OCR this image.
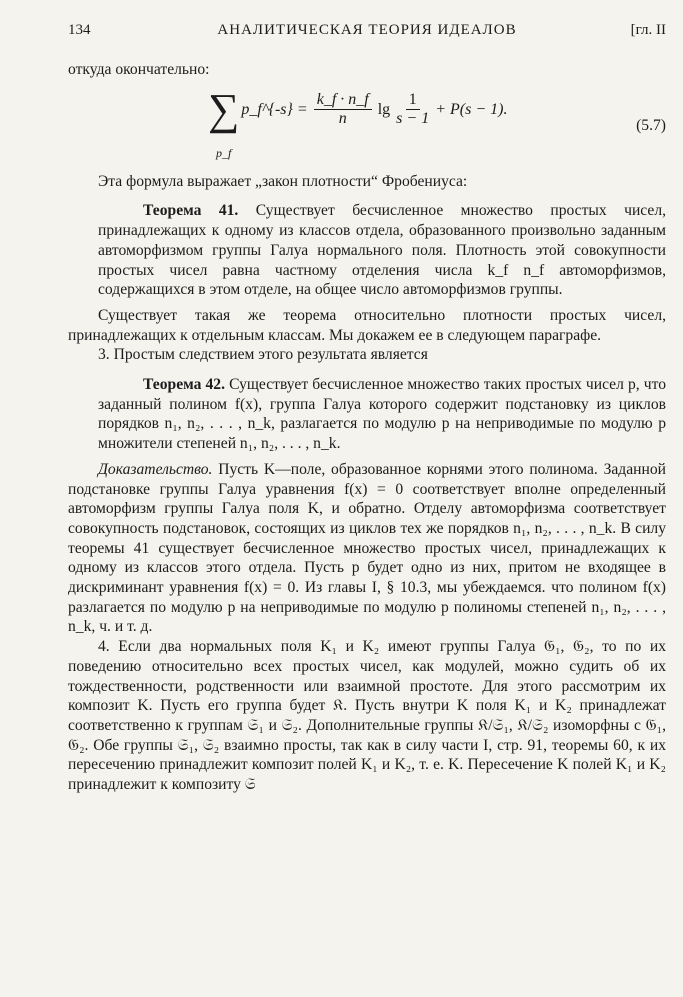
134	АНАЛИТИЧЕСКАЯ ТЕОРИЯ ИДЕАЛОВ	[гл. II

откуда окончательно:

∑ p_f^{-s} = $\frac{k\_f \cdot n\_f}{n}$ $\lg \frac{1}{s - 1} + P(s - 1)$.
p_f
(5.7)

Эта формула выражает „закон плотности“ Фробениуса:

Теорема 41. Существует бесчисленное множество простых чисел, принадлежащих к одному из классов отдела, образованного произвольно заданным автоморфизмом группы Галуа нормального поля. Плотность этой совокупности простых чисел равна частному отделения числа k_f n_f автоморфизмов, содержащихся в этом отделе, на общее число автоморфизмов группы.

Существует такая же теорема относительно плотности простых чисел, принадлежащих к отдельным классам. Мы докажем ее в следующем параграфе.

3. Простым следствием этого результата является

Теорема 42. Существует бесчисленное множество таких простых чисел p, что заданный полином f(x), группа Галуа которого содержит подстановку из циклов порядков n₁, n₂, . . . , n_k, разлагается по модулю p на неприводимые по модулю p множители степеней n₁, n₂, . . . , n_k.

Доказательство. Пусть K—поле, образованное корнями этого полинома. Заданной подстановке группы Галуа уравнения f(x) = 0 соответствует вполне определенный автоморфизм группы Галуа поля K, и обратно. Отделу автоморфизма соответствует совокупность подстановок, состоящих из циклов тех же порядков n₁, n₂, . . . , n_k. В силу теоремы 41 существует бесчисленное множество простых чисел, принадлежащих к одному из классов этого отдела. Пусть p будет одно из них, притом не входящее в дискриминант уравнения f(x) = 0. Из главы I, § 10.3, мы убеждаемся. что полином f(x) разлагается по модулю p на неприводимые по модулю p полиномы степеней n₁, n₂, . . . , n_k, ч. и т. д.

4. Если два нормальных поля K₁ и K₂ имеют группы Галуа 𝔊₁, 𝔊₂, то по их поведению относительно всех простых чисел, как модулей, можно судить об их тождественности, родственности или взаимной простоте. Для этого рассмотрим их композит K. Пусть его группа будет 𝔎. Пусть внутри K поля K₁ и K₂ принадлежат соответственно к группам 𝔖₁ и 𝔖₂. Дополнительные группы 𝔎/𝔖₁, 𝔎/𝔖₂ изоморфны с 𝔊₁, 𝔊₂. Обе группы 𝔖₁, 𝔖₂ взаимно просты, так как в силу части I, стр. 91, теоремы 60, к их пересечению принадлежит композит полей K₁ и K₂, т. е. K. Пересечение K полей K₁ и K₂ принадлежит к композиту 𝔖
